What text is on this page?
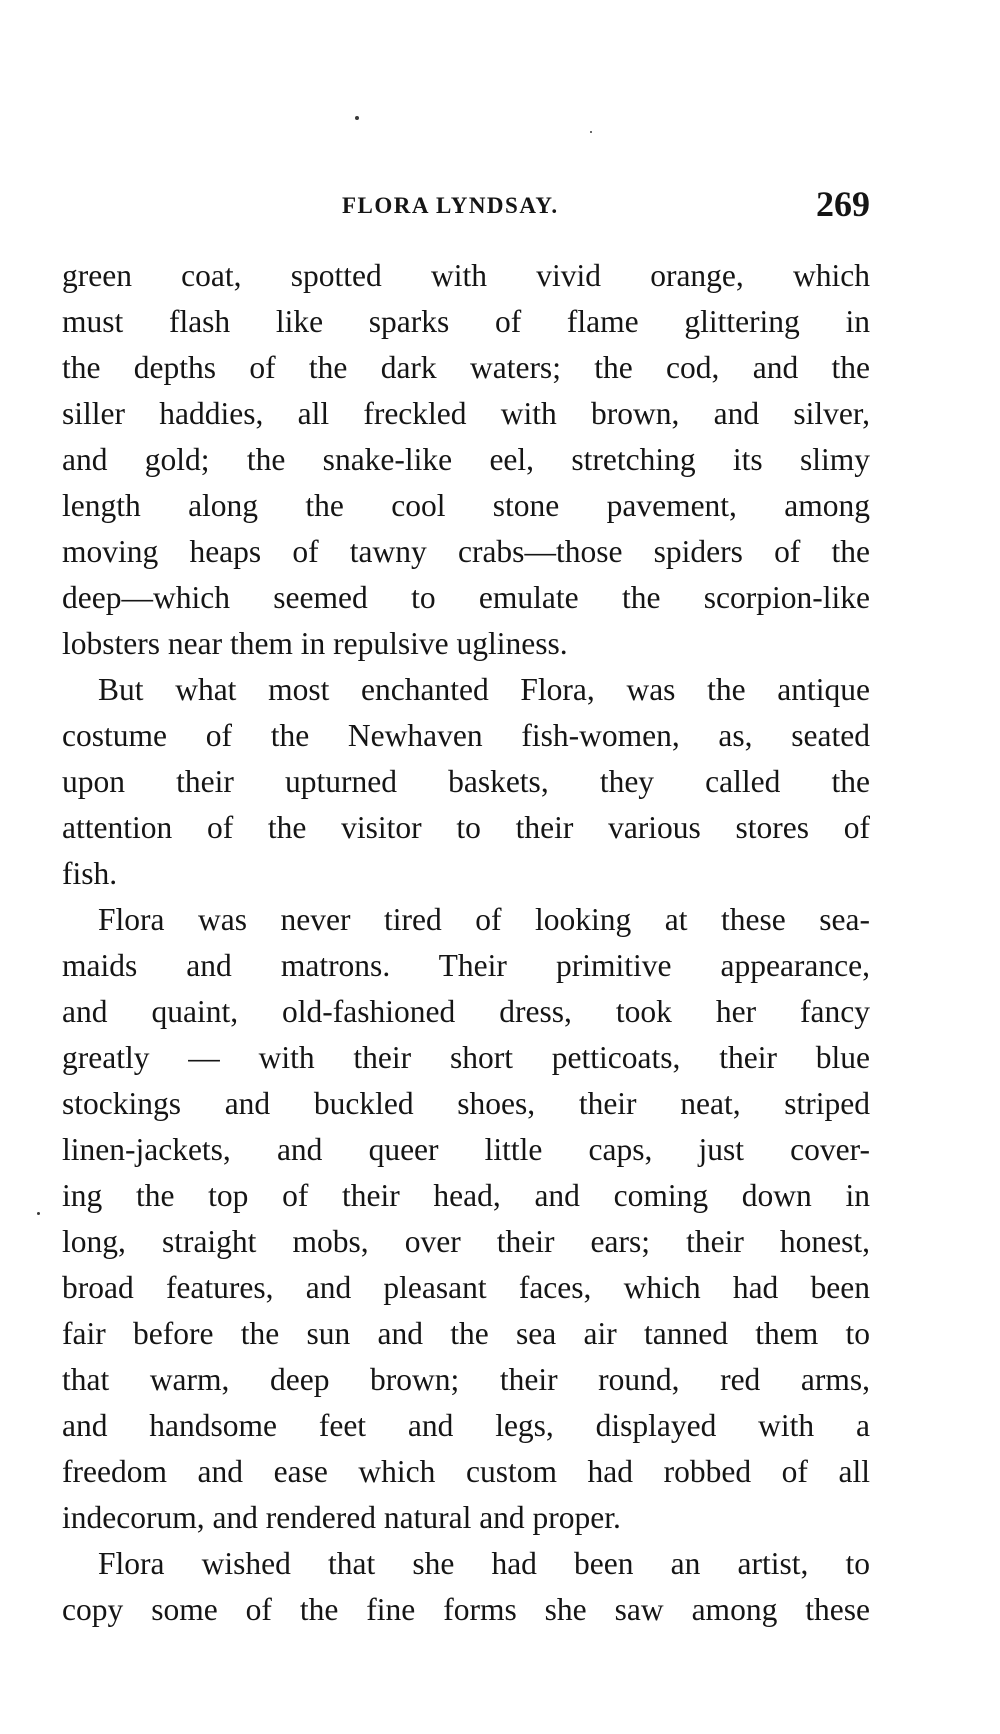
FLORA LYNDSAY.	269
green coat, spotted with vivid orange, which
must flash like sparks of flame glittering in
the depths of the dark waters; the cod, and the
siller haddies, all freckled with brown, and silver,
and gold; the snake-like eel, stretching its slimy
length along the cool stone pavement, among
moving heaps of tawny crabs—those spiders of the
deep—which seemed to emulate the scorpion-like
lobsters near them in repulsive ugliness.
But what most enchanted Flora, was the antique
costume of the Newhaven fish-women, as, seated
upon their upturned baskets, they called the
attention of the visitor to their various stores of
fish.
Flora was never tired of looking at these sea-
maids and matrons. Their primitive appearance,
and quaint, old-fashioned dress, took her fancy
greatly — with their short petticoats, their blue
stockings and buckled shoes, their neat, striped
linen-jackets, and queer little caps, just cover-
ing the top of their head, and coming down in
long, straight mobs, over their ears; their honest,
broad features, and pleasant faces, which had been
fair before the sun and the sea air tanned them to
that warm, deep brown; their round, red arms,
and handsome feet and legs, displayed with a
freedom and ease which custom had robbed of all
indecorum, and rendered natural and proper.
Flora wished that she had been an artist, to
copy some of the fine forms she saw among these
